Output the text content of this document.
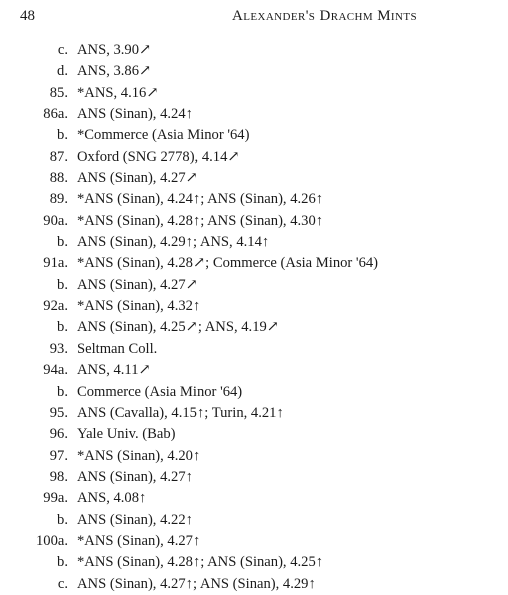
48	Alexander's Drachm Mints
c. ANS, 3.90↗
d. ANS, 3.86↗
85. *ANS, 4.16↗
86a. ANS (Sinan), 4.24↑
b. *Commerce (Asia Minor '64)
87. Oxford (SNG 2778), 4.14↗
88. ANS (Sinan), 4.27↗
89. *ANS (Sinan), 4.24↑; ANS (Sinan), 4.26↑
90a. *ANS (Sinan), 4.28↑; ANS (Sinan), 4.30↑
b. ANS (Sinan), 4.29↑; ANS, 4.14↑
91a. *ANS (Sinan), 4.28↗; Commerce (Asia Minor '64)
b. ANS (Sinan), 4.27↗
92a. *ANS (Sinan), 4.32↑
b. ANS (Sinan), 4.25↗; ANS, 4.19↗
93. Seltman Coll.
94a. ANS, 4.11↗
b. Commerce (Asia Minor '64)
95. ANS (Cavalla), 4.15↑; Turin, 4.21↑
96. Yale Univ. (Bab)
97. *ANS (Sinan), 4.20↑
98. ANS (Sinan), 4.27↑
99a. ANS, 4.08↑
b. ANS (Sinan), 4.22↑
100a. *ANS (Sinan), 4.27↑
b. *ANS (Sinan), 4.28↑; ANS (Sinan), 4.25↑
c. ANS (Sinan), 4.27↑; ANS (Sinan), 4.29↑
